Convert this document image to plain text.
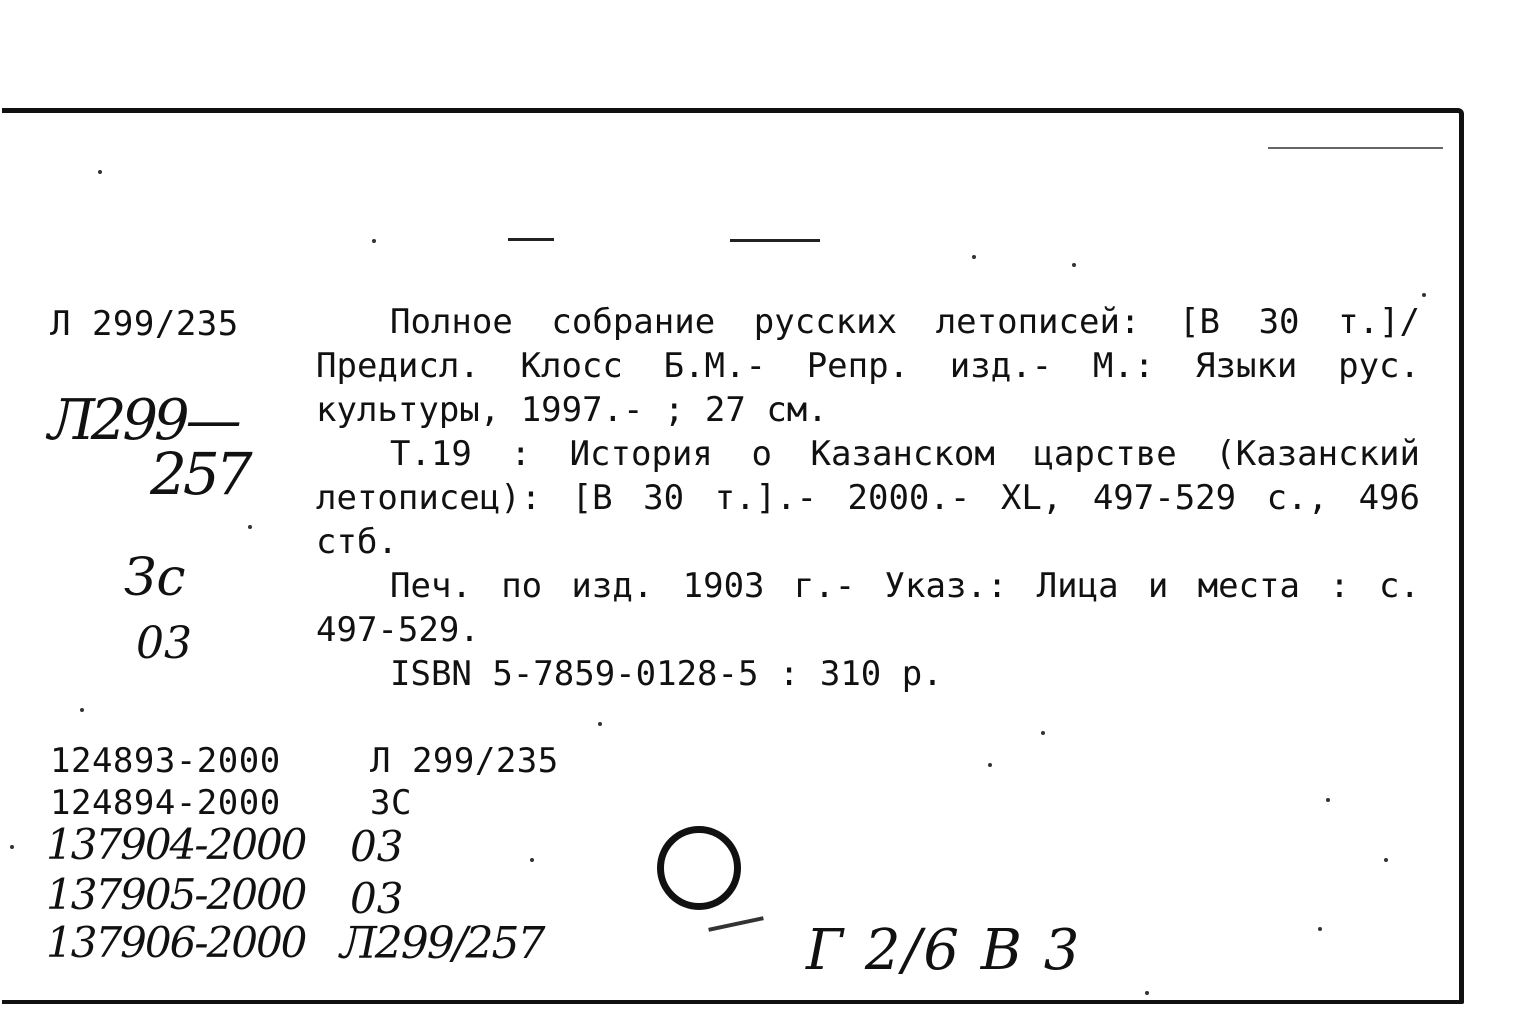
Л 299/235
Л299—
257
Зс
03

Полное собрание русских летописей: [В 30 т.]/ Предисл. Клосс Б.М.- Репр. изд.- М.: Языки рус. культуры, 1997.- ; 27 см.

Т.19 : История о Казанском царстве (Казанский летописец): [В 30 т.].- 2000.- XL, 497-529 с., 496 стб.

Печ. по изд. 1903 г.- Указ.: Лица и места : с. 497-529.

ISBN 5-7859-0128-5 : 310 р.

124893-2000	Л 299/235
124894-2000	ЗС
137904-2000 03
137905-2000 03
137906-2000 Л299/257	Г 2/6 В 3
